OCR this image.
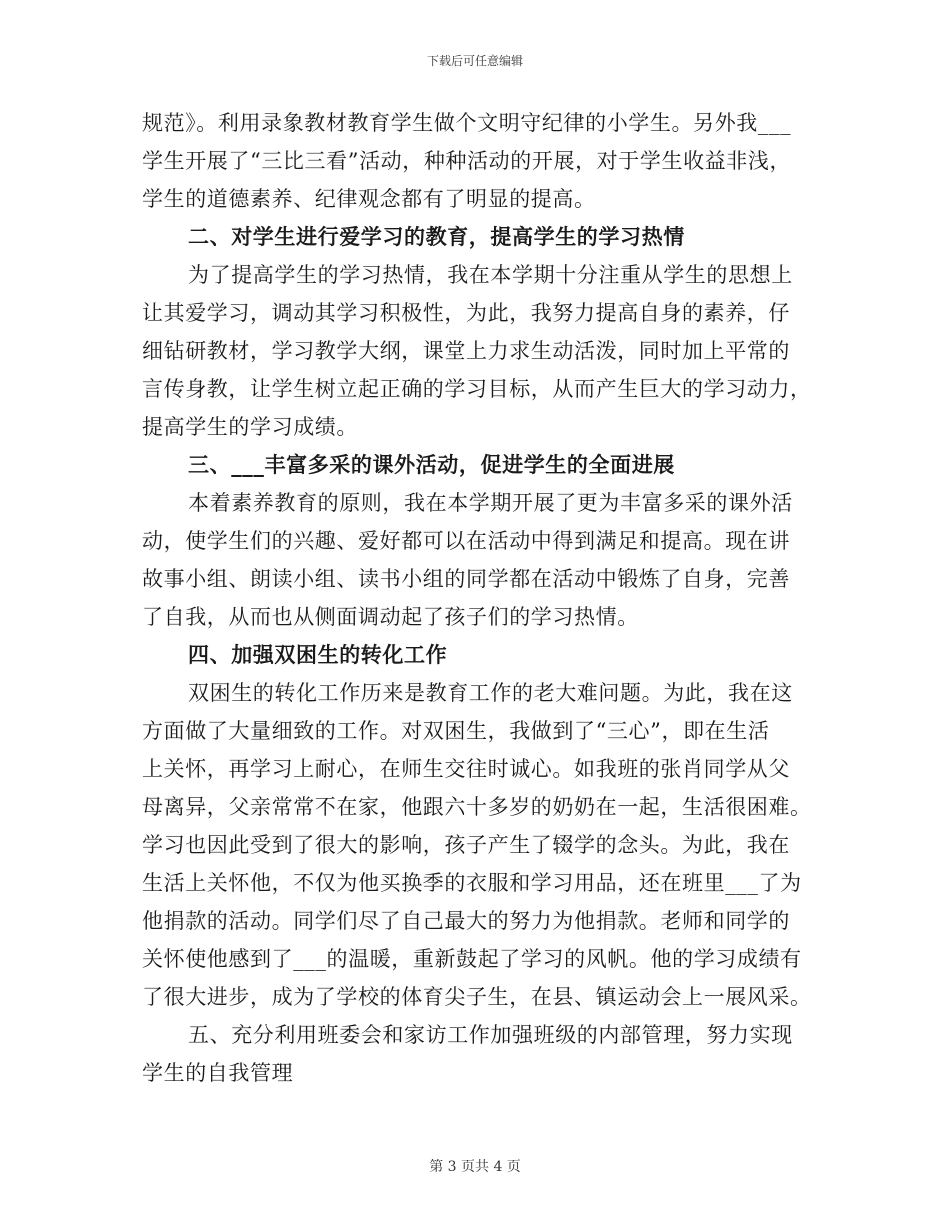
下载后可任意编辑
规范》。利用录象教材教育学生做个文明守纪律的小学生。另外我___
学生开展了“三比三看”活动，种种活动的开展，对于学生收益非浅，
学生的道德素养、纪律观念都有了明显的提高。
二、对学生进行爱学习的教育，提高学生的学习热情
为了提高学生的学习热情，我在本学期十分注重从学生的思想上
让其爱学习，调动其学习积极性，为此，我努力提高自身的素养，仔
细钻研教材，学习教学大纲，课堂上力求生动活泼，同时加上平常的
言传身教，让学生树立起正确的学习目标，从而产生巨大的学习动力，
提高学生的学习成绩。
三、___丰富多采的课外活动，促进学生的全面进展
本着素养教育的原则，我在本学期开展了更为丰富多采的课外活
动，使学生们的兴趣、爱好都可以在活动中得到满足和提高。现在讲
故事小组、朗读小组、读书小组的同学都在活动中锻炼了自身，完善
了自我，从而也从侧面调动起了孩子们的学习热情。
四、加强双困生的转化工作
双困生的转化工作历来是教育工作的老大难问题。为此，我在这
方面做了大量细致的工作。对双困生，我做到了“三心”，即在生活
上关怀，再学习上耐心，在师生交往时诚心。如我班的张肖同学从父
母离异，父亲常常不在家，他跟六十多岁的奶奶在一起，生活很困难。
学习也因此受到了很大的影响，孩子产生了辍学的念头。为此，我在
生活上关怀他，不仅为他买换季的衣服和学习用品，还在班里___了为
他捐款的活动。同学们尽了自己最大的努力为他捐款。老师和同学的
关怀使他感到了___的温暖，重新鼓起了学习的风帆。他的学习成绩有
了很大进步，成为了学校的体育尖子生，在县、镇运动会上一展风采。
五、充分利用班委会和家访工作加强班级的内部管理，努力实现
学生的自我管理
第 3 页共 4 页
